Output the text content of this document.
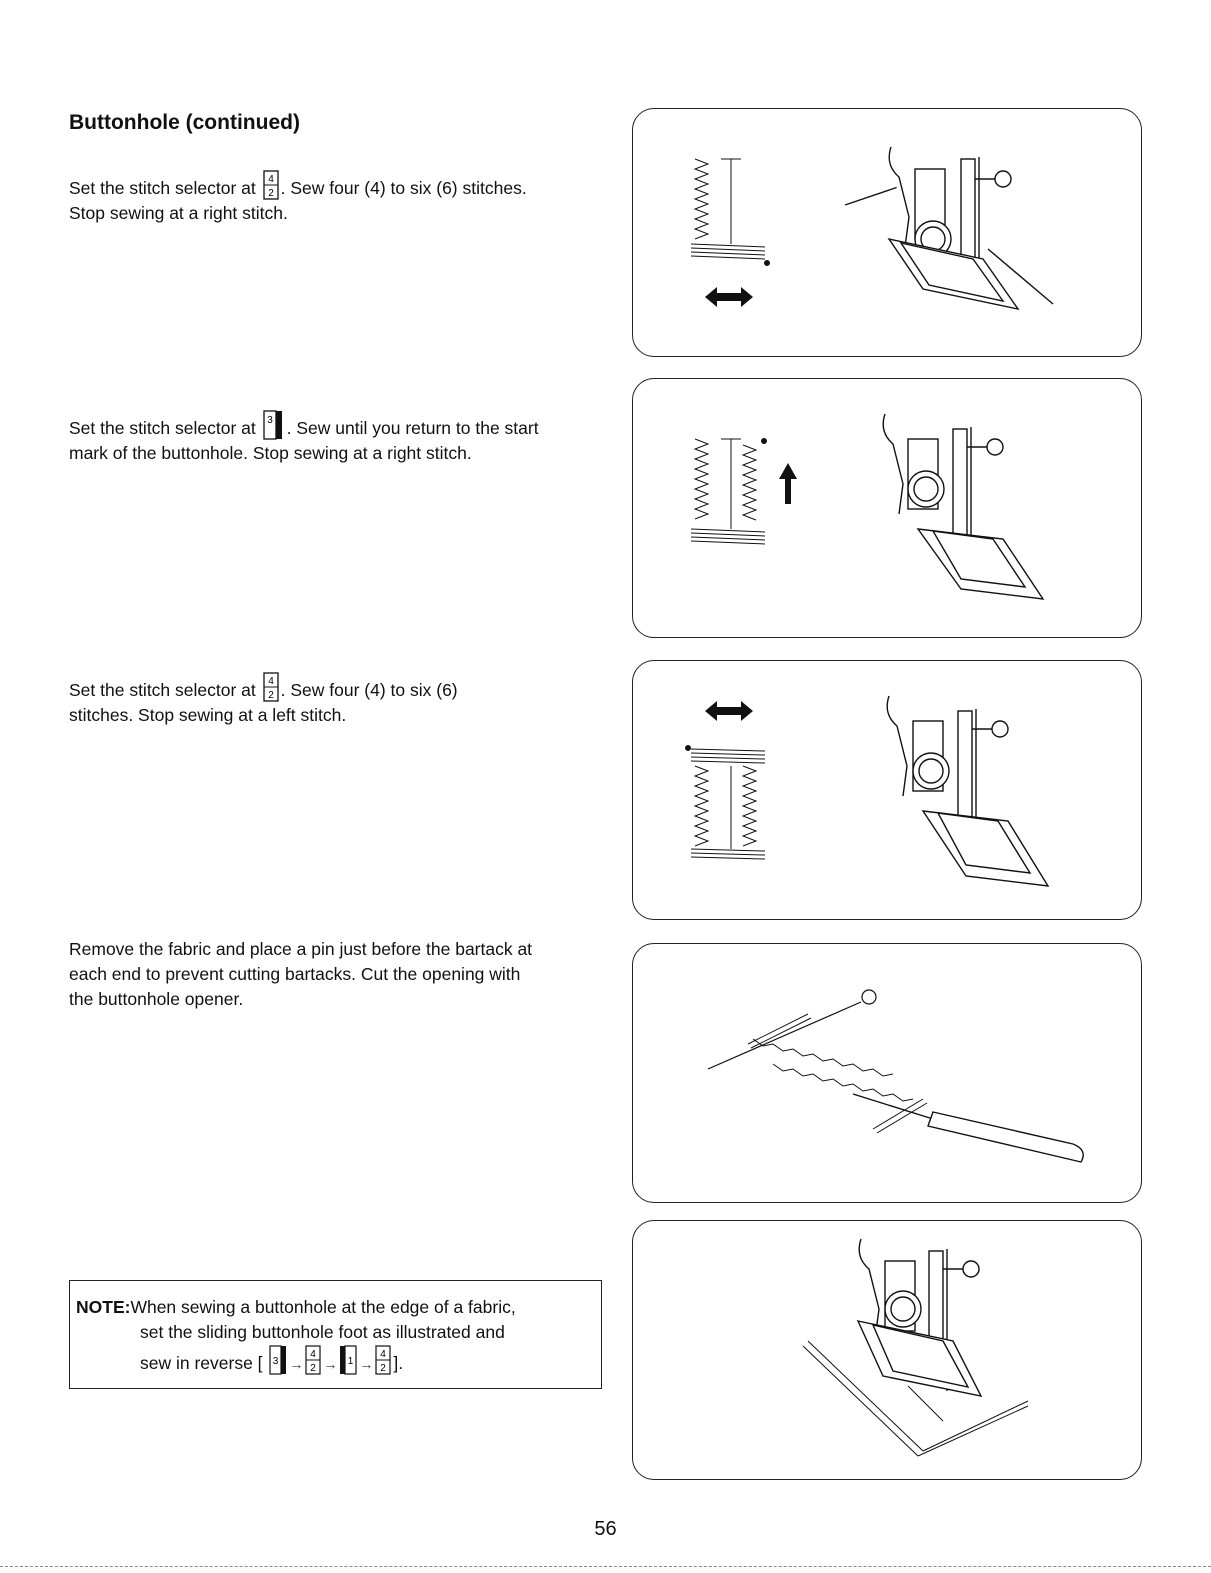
Buttonhole (continued)

Set the stitch selector at 4
2 . Sew four (4) to six (6) stitches.
Stop sewing at a right stitch.

Set the stitch selector at 3 . Sew until you return to the start
mark of the buttonhole. Stop sewing at a right stitch.

Set the stitch selector at 4
2 . Sew four (4) to six (6)
stitches. Stop sewing at a left stitch.

Remove the fabric and place a pin just before the bartack at
each end to prevent cutting bartacks. Cut the opening with
the buttonhole opener.

NOTE: When sewing a buttonhole at the edge of a fabric,
set the sliding buttonhole foot as illustrated and
sew in reverse [ 3 →
4
2 → 1 →
4
2 ].
56
